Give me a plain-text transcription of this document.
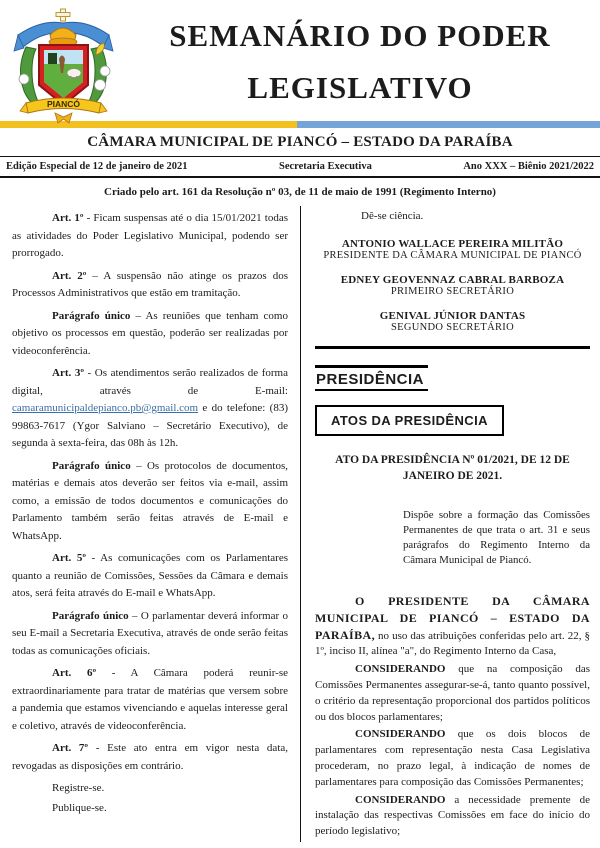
PIANCÓ
SEMANÁRIO DO PODER
LEGISLATIVO
CÂMARA MUNICIPAL DE PIANCÓ – ESTADO DA PARAÍBA
Edição Especial de 12 de janeiro de 2021	Secretaria Executiva	Ano XXX – Biênio 2021/2022
Criado pelo art. 161 da Resolução nº 03, de 11 de maio de 1991 (Regimento Interno)

Art. 1º - Ficam suspensas até o dia 15/01/2021 todas as atividades do Poder Legislativo Municipal, podendo ser prorrogado.

Art. 2º – A suspensão não atinge os prazos dos Processos Administrativos que estão em tramitação.

Parágrafo único – As reuniões que tenham como objetivo os processos em questão, poderão ser realizadas por videoconferência.

Art. 3º - Os atendimentos serão realizados de forma digital, através de E-mail: camaramunicipaldepianco.pb@gmail.com e do telefone: (83) 99863-7617 (Ygor Salviano – Secretário Executivo), de segunda à sexta-feira, das 08h às 12h.

Parágrafo único – Os protocolos de documentos, matérias e demais atos deverão ser feitos via e-mail, assim como, a emissão de todos documentos e comunicações do Parlamento também serão feitas através de E-mail e WhatsApp.

Art. 5º - As comunicações com os Parlamentares quanto a reunião de Comissões, Sessões da Câmara e demais atos, será feita através do E-mail e WhatsApp.

Parágrafo único – O parlamentar deverá informar o seu E-mail a Secretaria Executiva, através de onde serão feitas todas as comunicações oficiais.

Art. 6º - A Câmara poderá reunir-se extraordinariamente para tratar de matérias que versem sobre a pandemia que estamos vivenciando e aquelas interesse geral e coletivo, através de videoconferência.

Art. 7º - Este ato entra em vigor nesta data, revogadas as disposições em contrário.

Registre-se.

Publique-se.

Dê-se ciência.

ANTONIO WALLACE PEREIRA MILITÃO
PRESIDENTE DA CÂMARA MUNICIPAL DE PIANCÓ
EDNEY GEOVENNAZ CABRAL BARBOZA
PRIMEIRO SECRETÁRIO
GENIVAL JÚNIOR DANTAS
SEGUNDO SECRETÁRIO
PRESIDÊNCIA
ATOS DA PRESIDÊNCIA
ATO DA PRESIDÊNCIA Nº 01/2021, DE 12 DE JANEIRO DE 2021.
Dispõe sobre a formação das Comissões Permanentes de que trata o art. 31 e seus parágrafos do Regimento Interno da Câmara Municipal de Piancó.

O PRESIDENTE DA CÂMARA MUNICIPAL DE PIANCÓ – ESTADO DA PARAÍBA, no uso das atribuições conferidas pelo art. 22, § 1º, inciso II, alínea "a", do Regimento Interno da Casa,

CONSIDERANDO que na composição das Comissões Permanentes assegurar-se-á, tanto quanto possível, o critério da representação proporcional dos partidos políticos ou dos blocos parlamentares;

CONSIDERANDO que os dois blocos de parlamentares com representação nesta Casa Legislativa procederam, no prazo legal, à indicação de nomes de parlamentares para composição das Comissões Permanentes;

CONSIDERANDO a necessidade premente de instalação das respectivas Comissões em face do início do período legislativo;
